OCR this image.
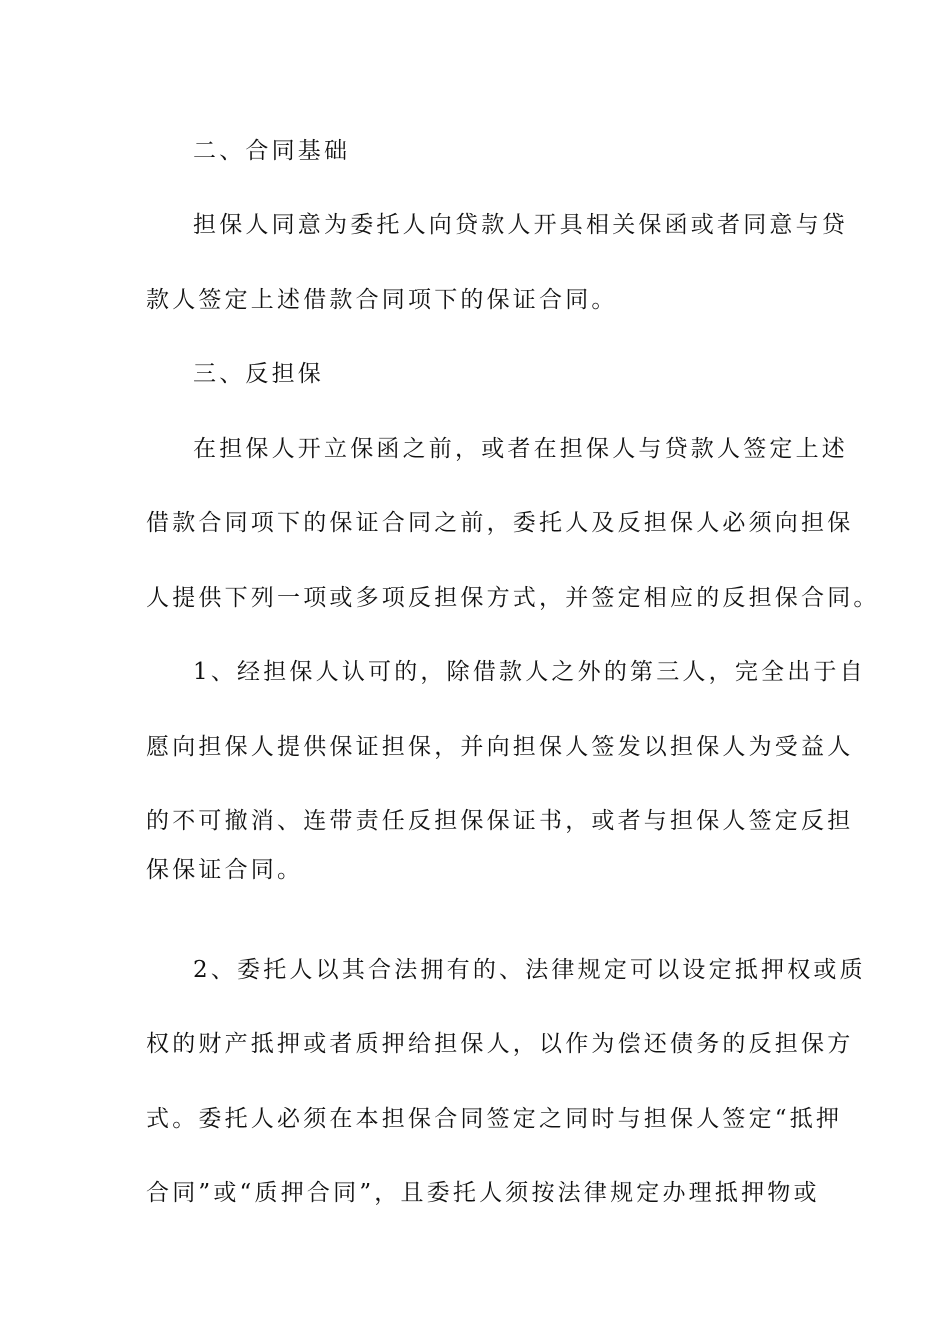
二、合同基础
担保人同意为委托人向贷款人开具相关保函或者同意与贷
款人签定上述借款合同项下的保证合同。
三、反担保
在担保人开立保函之前，或者在担保人与贷款人签定上述
借款合同项下的保证合同之前，委托人及反担保人必须向担保
人提供下列一项或多项反担保方式，并签定相应的反担保合同。
1、经担保人认可的，除借款人之外的第三人，完全出于自
愿向担保人提供保证担保，并向担保人签发以担保人为受益人
的不可撤消、连带责任反担保保证书，或者与担保人签定反担
保保证合同。
2、委托人以其合法拥有的、法律规定可以设定抵押权或质
权的财产抵押或者质押给担保人，以作为偿还债务的反担保方
式。委托人必须在本担保合同签定之同时与担保人签定“抵押
合同”或“质押合同”，且委托人须按法律规定办理抵押物或
